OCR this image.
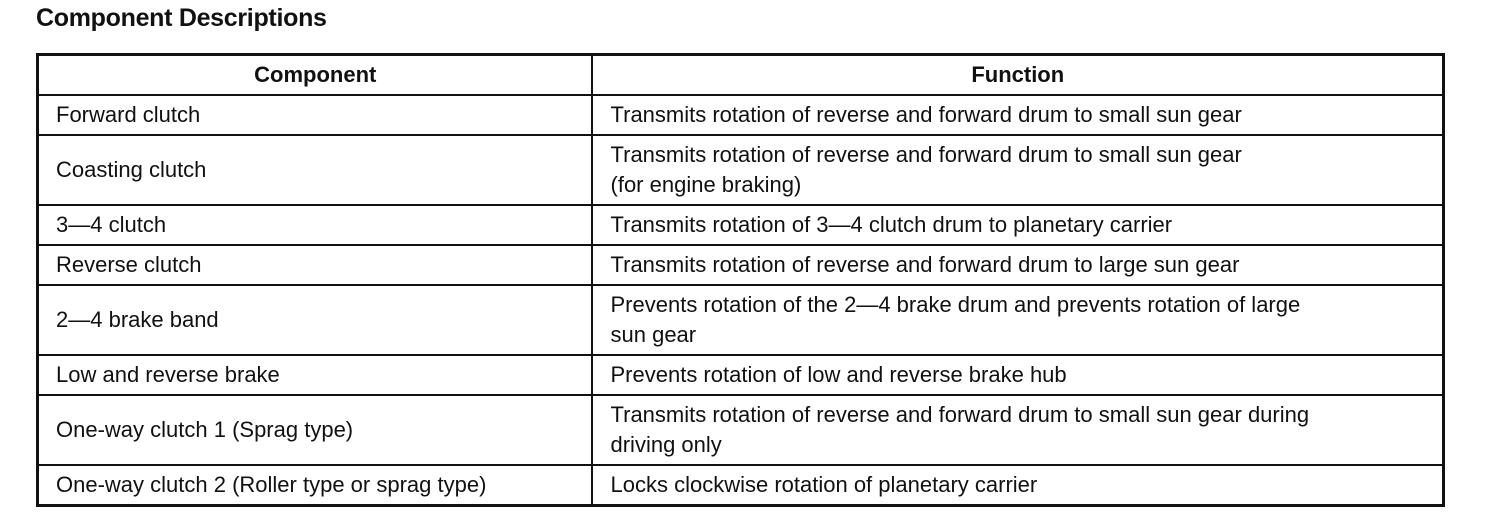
Component Descriptions
Component	Function
Forward clutch	Transmits rotation of reverse and forward drum to small sun gear

Coasting clutch	Transmits rotation of reverse and forward drum to small sun gear
(for engine braking)

3—4 clutch	Transmits rotation of 3—4 clutch drum to planetary carrier

Reverse clutch	Transmits rotation of reverse and forward drum to large sun gear

2—4 brake band	Prevents rotation of the 2—4 brake drum and prevents rotation of large
sun gear

Low and reverse brake	Prevents rotation of low and reverse brake hub

One-way clutch 1 (Sprag type)	Transmits rotation of reverse and forward drum to small sun gear during
driving only

One-way clutch 2 (Roller type or sprag type)	Locks clockwise rotation of planetary carrier
